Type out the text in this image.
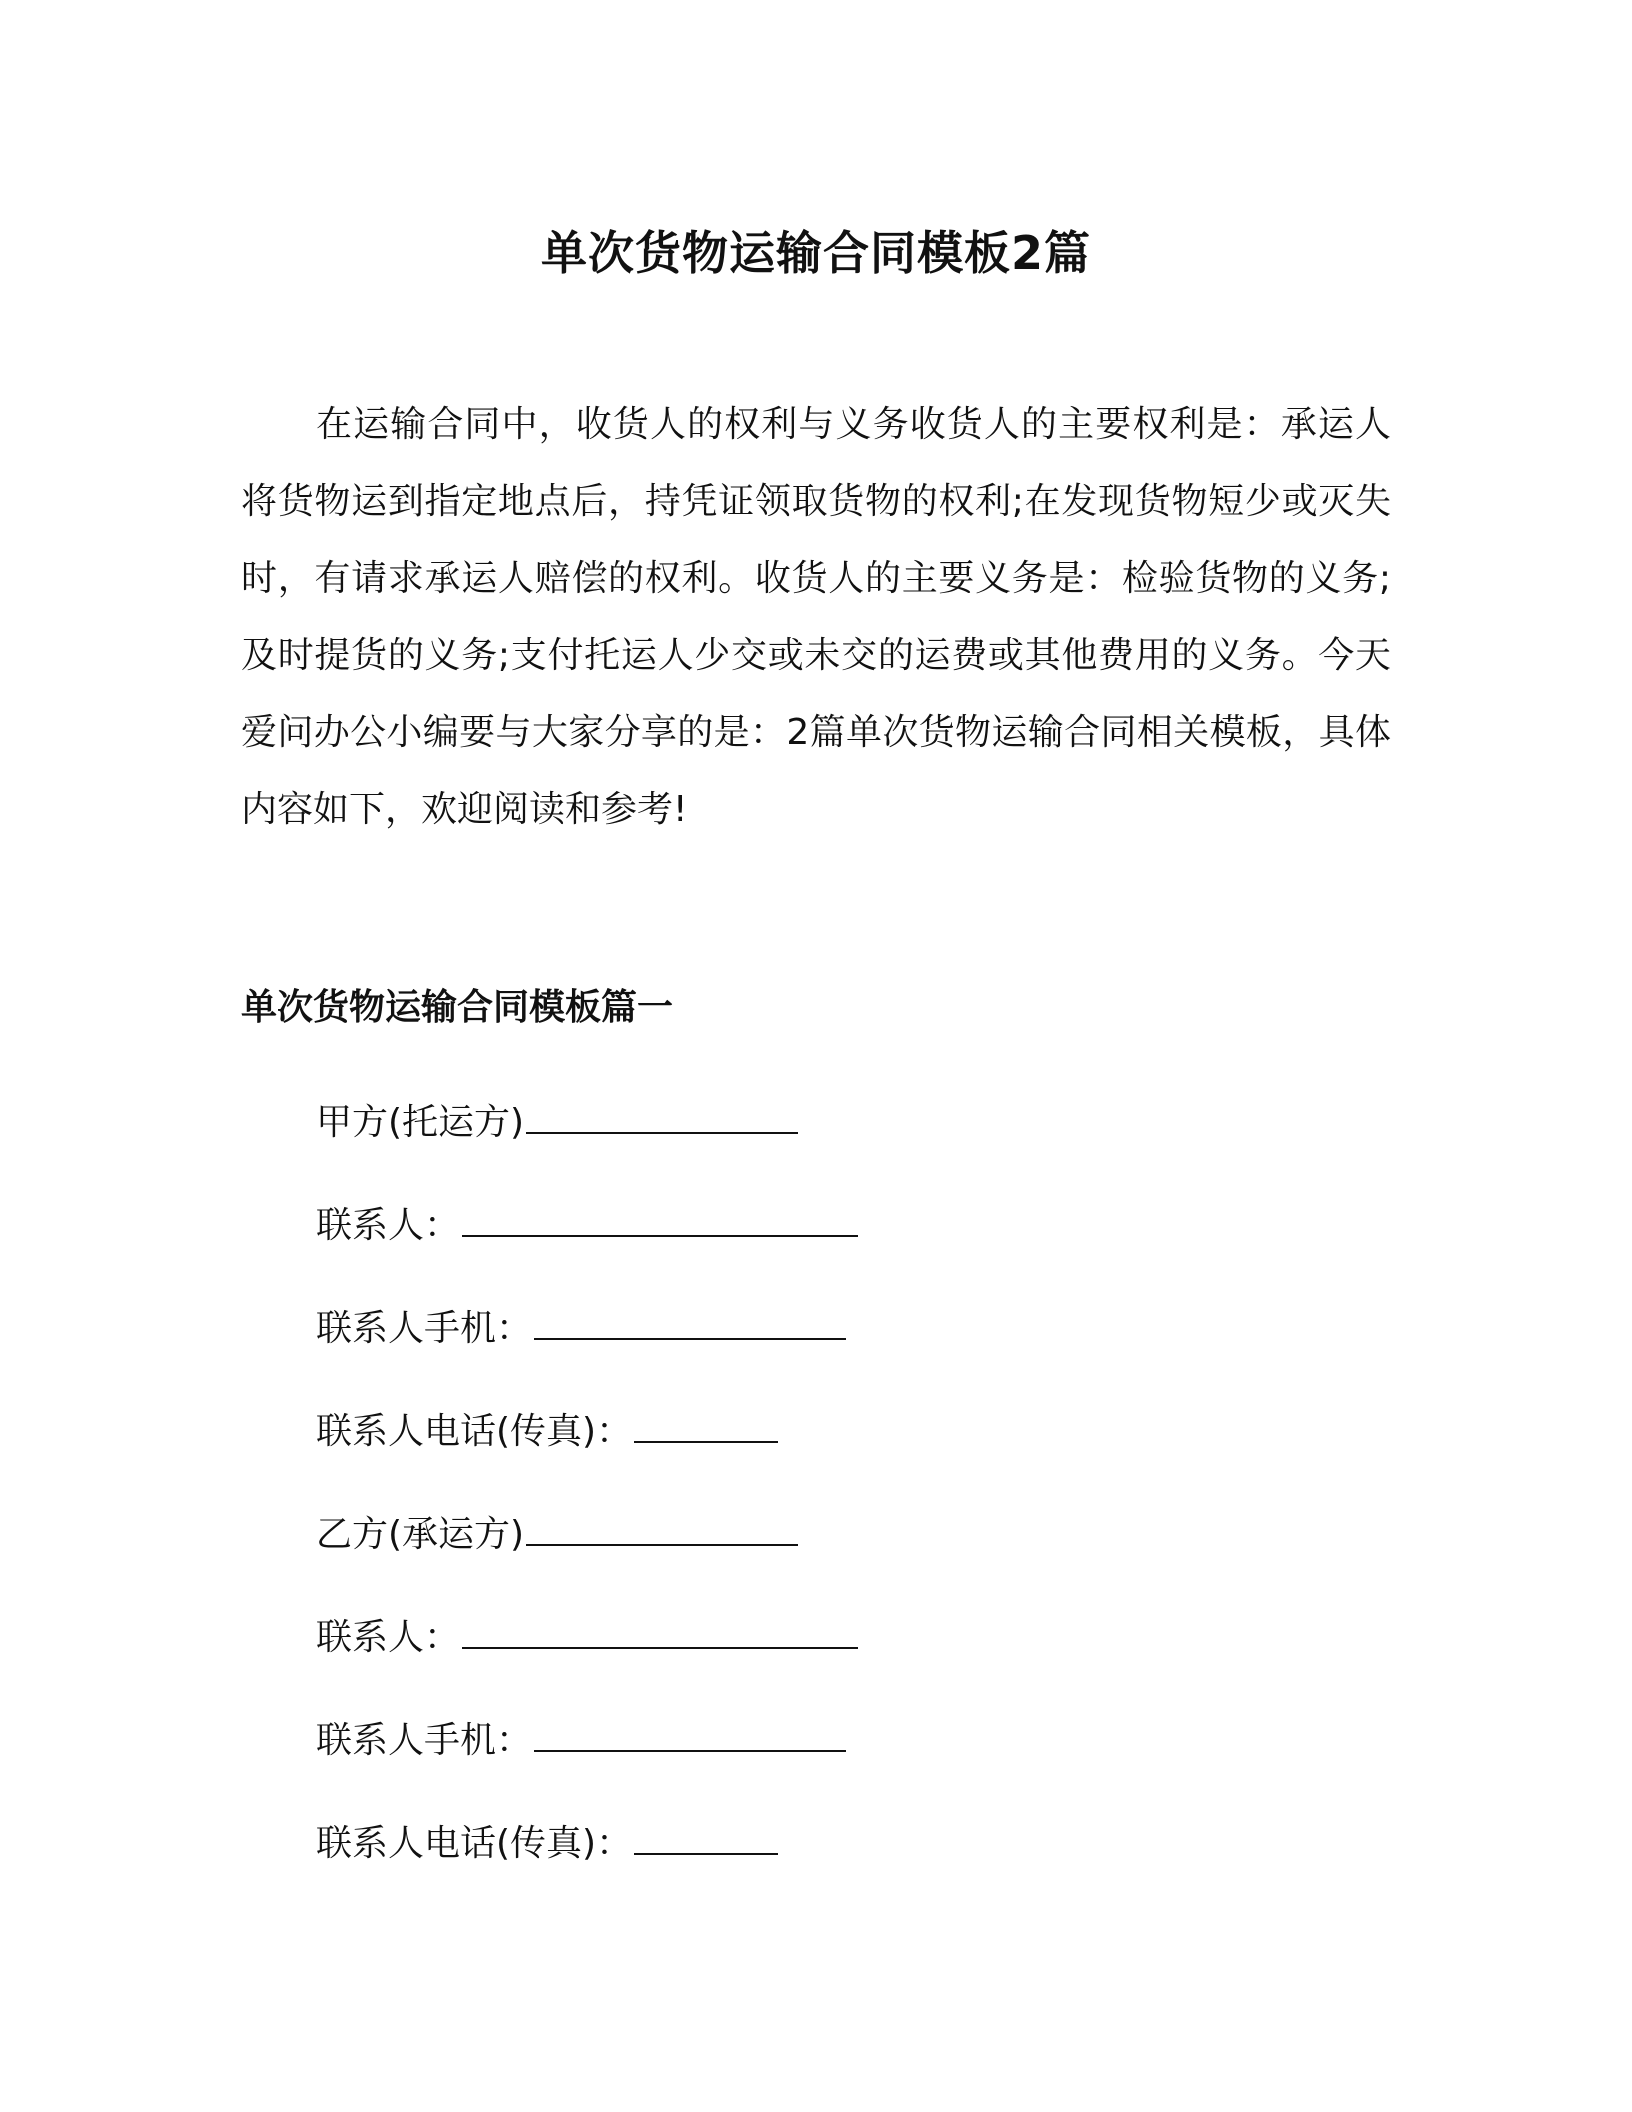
单次货物运输合同模板2篇

在运输合同中，收货人的权利与义务收货人的主要权利是：承运人将货物运到指定地点后，持凭证领取货物的权利;在发现货物短少或灭失时，有请求承运人赔偿的权利。收货人的主要义务是：检验货物的义务;及时提货的义务;支付托运人少交或未交的运费或其他费用的义务。今天爱问办公小编要与大家分享的是：2篇单次货物运输合同相关模板，具体内容如下，欢迎阅读和参考!

单次货物运输合同模板篇一
甲方(托运方)
联系人：
联系人手机：
联系人电话(传真)：
乙方(承运方)
联系人：
联系人手机：
联系人电话(传真)：
